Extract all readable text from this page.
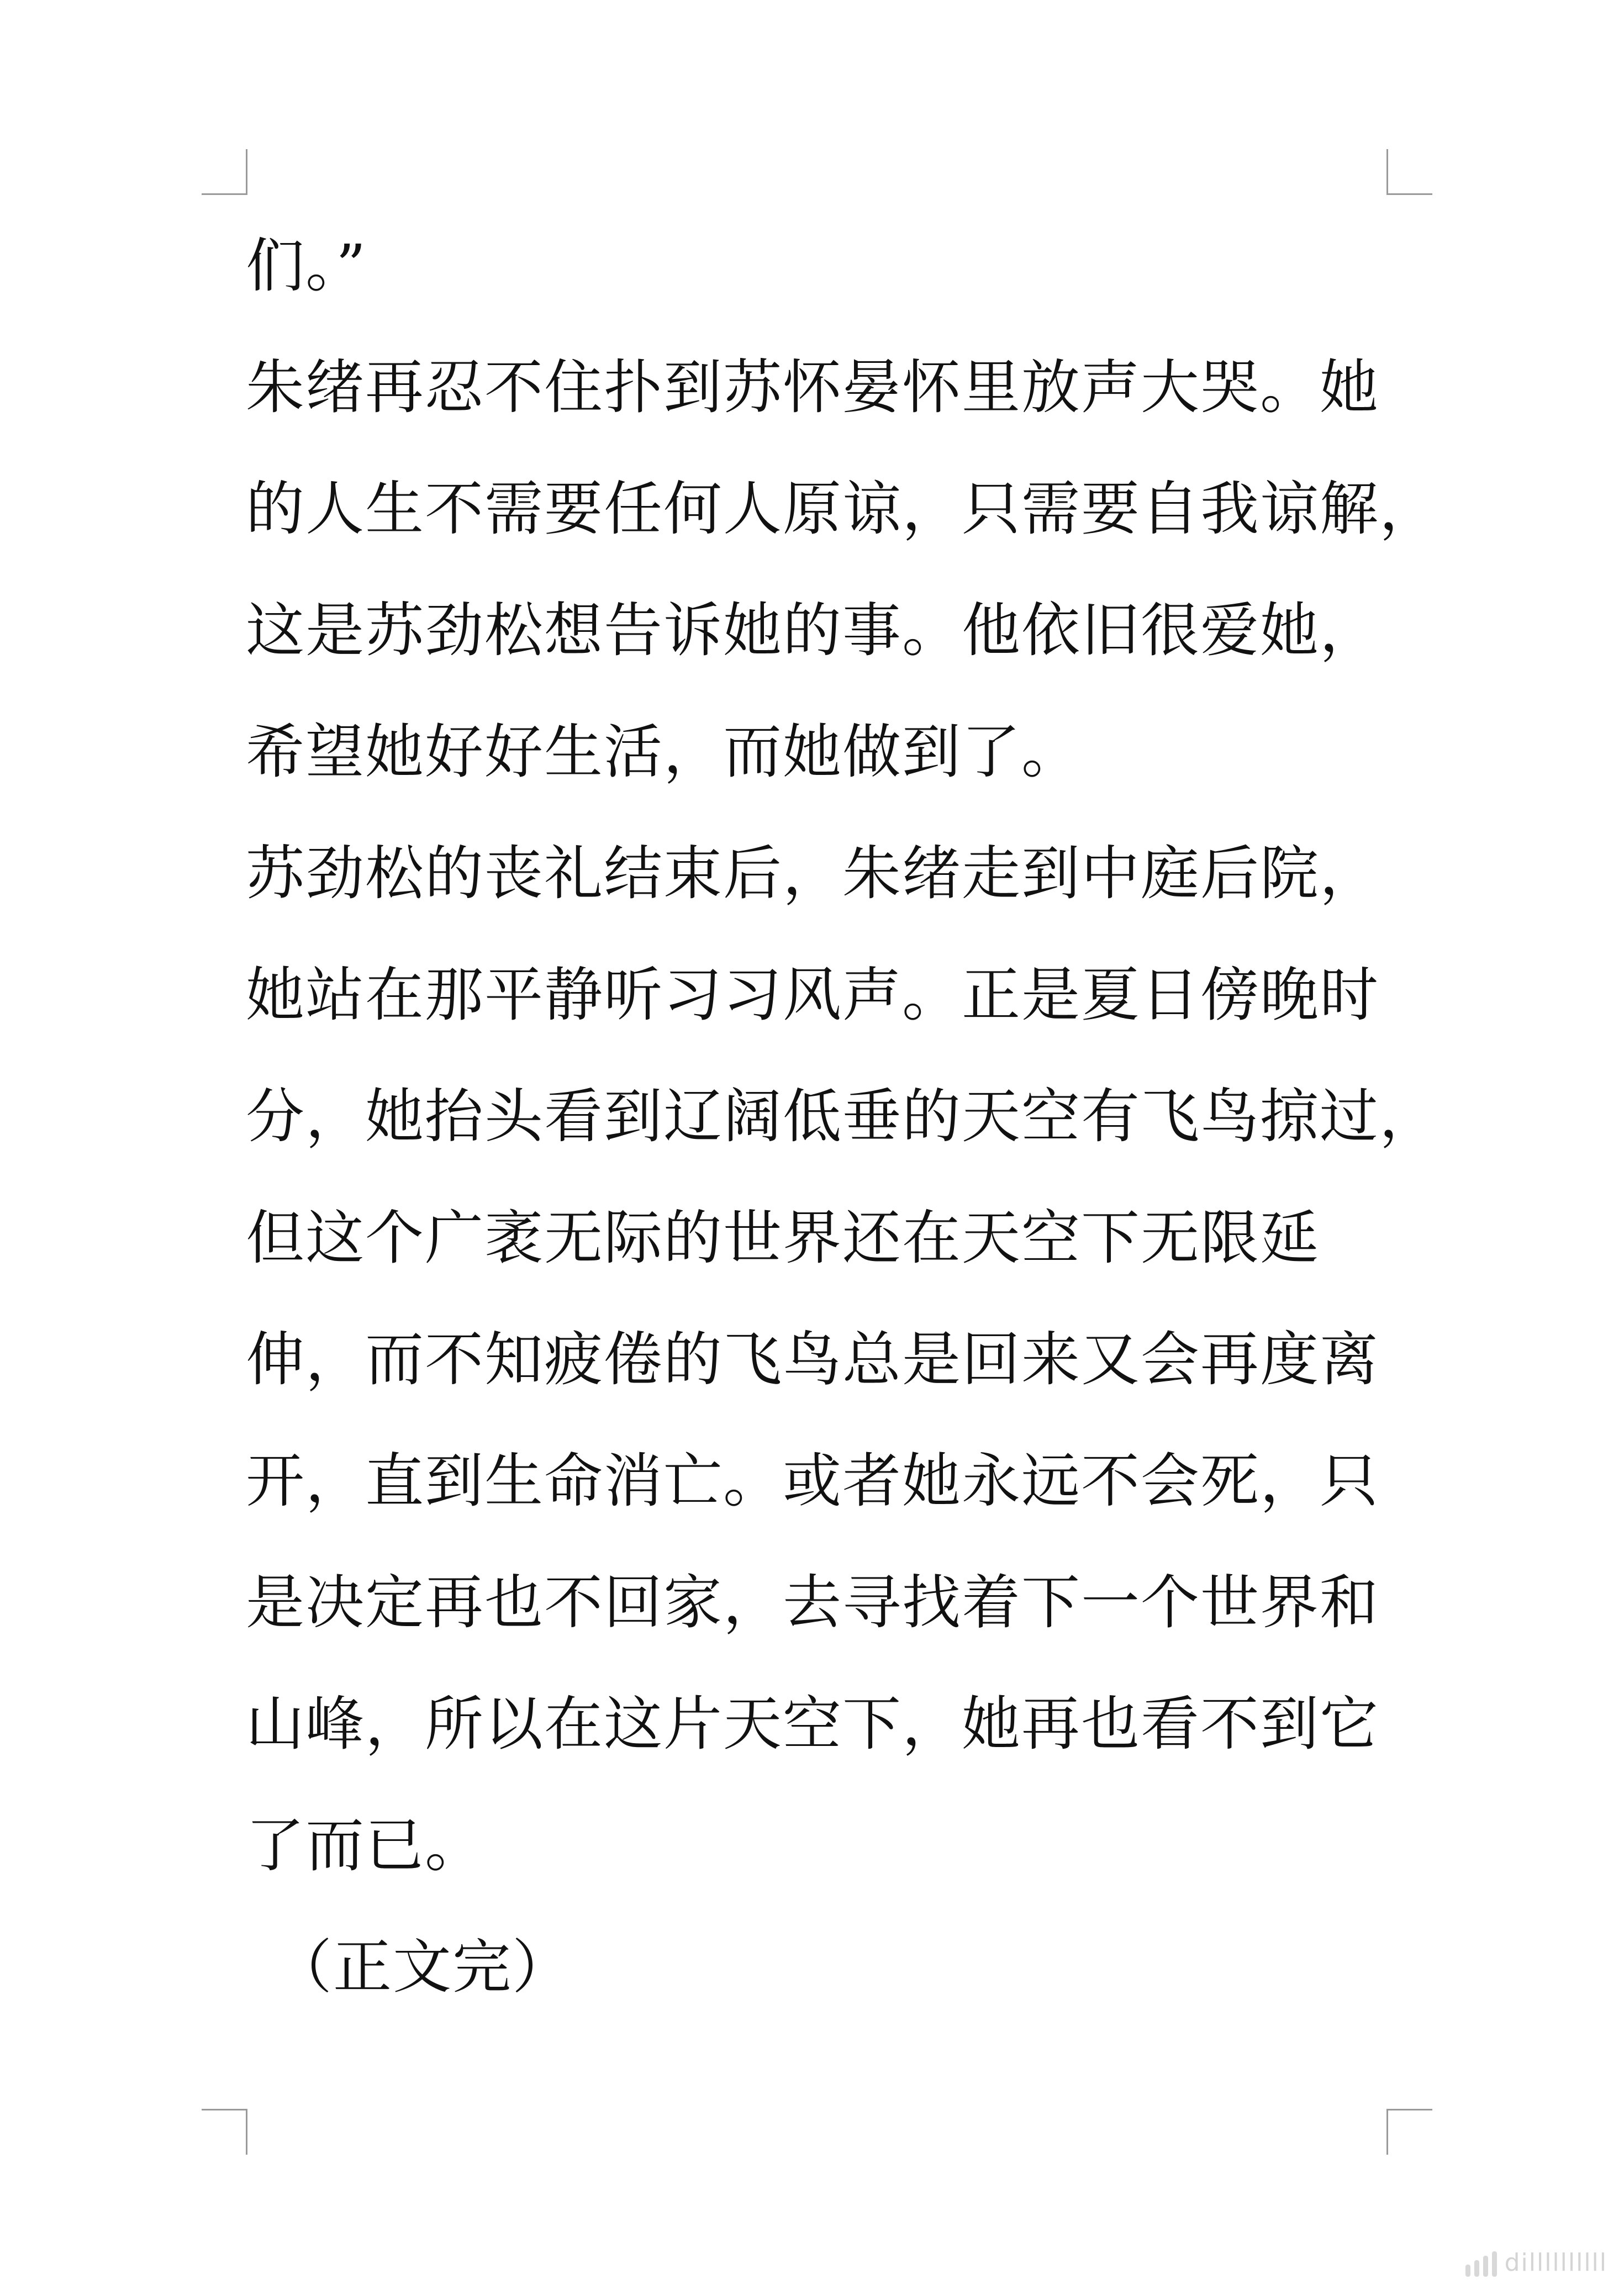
们。”
朱绪再忍不住扑到苏怀晏怀里放声大哭。她
的人生不需要任何人原谅，只需要自我谅解，
这是苏劲松想告诉她的事。他依旧很爱她，
希望她好好生活，而她做到了。
苏劲松的丧礼结束后，朱绪走到中庭后院，
她站在那平静听习习风声。正是夏日傍晚时
分，她抬头看到辽阔低垂的天空有飞鸟掠过，
但这个广袤无际的世界还在天空下无限延
伸，而不知疲倦的飞鸟总是回来又会再度离
开，直到生命消亡。或者她永远不会死，只
是决定再也不回家，去寻找着下一个世界和
山峰，所以在这片天空下，她再也看不到它
了而已。
（正文完）
dillllllllll
